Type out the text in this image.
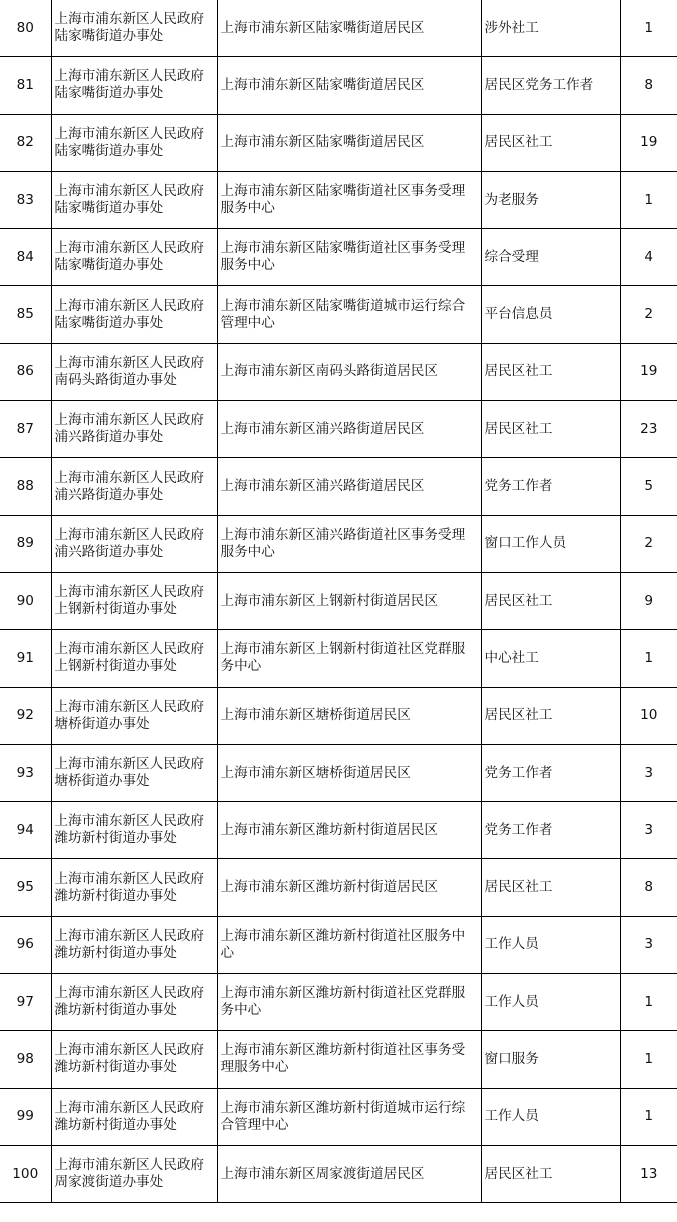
80	上海市浦东新区人民政府陆家嘴街道办事处	上海市浦东新区陆家嘴街道居民区	涉外社工	1
81	上海市浦东新区人民政府陆家嘴街道办事处	上海市浦东新区陆家嘴街道居民区	居民区党务工作者	8
82	上海市浦东新区人民政府陆家嘴街道办事处	上海市浦东新区陆家嘴街道居民区	居民区社工	19
83	上海市浦东新区人民政府陆家嘴街道办事处	上海市浦东新区陆家嘴街道社区事务受理服务中心	为老服务	1
84	上海市浦东新区人民政府陆家嘴街道办事处	上海市浦东新区陆家嘴街道社区事务受理服务中心	综合受理	4
85	上海市浦东新区人民政府陆家嘴街道办事处	上海市浦东新区陆家嘴街道城市运行综合管理中心	平台信息员	2
86	上海市浦东新区人民政府南码头路街道办事处	上海市浦东新区南码头路街道居民区	居民区社工	19
87	上海市浦东新区人民政府浦兴路街道办事处	上海市浦东新区浦兴路街道居民区	居民区社工	23
88	上海市浦东新区人民政府浦兴路街道办事处	上海市浦东新区浦兴路街道居民区	党务工作者	5
89	上海市浦东新区人民政府浦兴路街道办事处	上海市浦东新区浦兴路街道社区事务受理服务中心	窗口工作人员	2
90	上海市浦东新区人民政府上钢新村街道办事处	上海市浦东新区上钢新村街道居民区	居民区社工	9
91	上海市浦东新区人民政府上钢新村街道办事处	上海市浦东新区上钢新村街道社区党群服务中心	中心社工	1
92	上海市浦东新区人民政府塘桥街道办事处	上海市浦东新区塘桥街道居民区	居民区社工	10
93	上海市浦东新区人民政府塘桥街道办事处	上海市浦东新区塘桥街道居民区	党务工作者	3
94	上海市浦东新区人民政府潍坊新村街道办事处	上海市浦东新区潍坊新村街道居民区	党务工作者	3
95	上海市浦东新区人民政府潍坊新村街道办事处	上海市浦东新区潍坊新村街道居民区	居民区社工	8
96	上海市浦东新区人民政府潍坊新村街道办事处	上海市浦东新区潍坊新村街道社区服务中心	工作人员	3
97	上海市浦东新区人民政府潍坊新村街道办事处	上海市浦东新区潍坊新村街道社区党群服务中心	工作人员	1
98	上海市浦东新区人民政府潍坊新村街道办事处	上海市浦东新区潍坊新村街道社区事务受理服务中心	窗口服务	1
99	上海市浦东新区人民政府潍坊新村街道办事处	上海市浦东新区潍坊新村街道城市运行综合管理中心	工作人员	1
100	上海市浦东新区人民政府周家渡街道办事处	上海市浦东新区周家渡街道居民区	居民区社工	13
